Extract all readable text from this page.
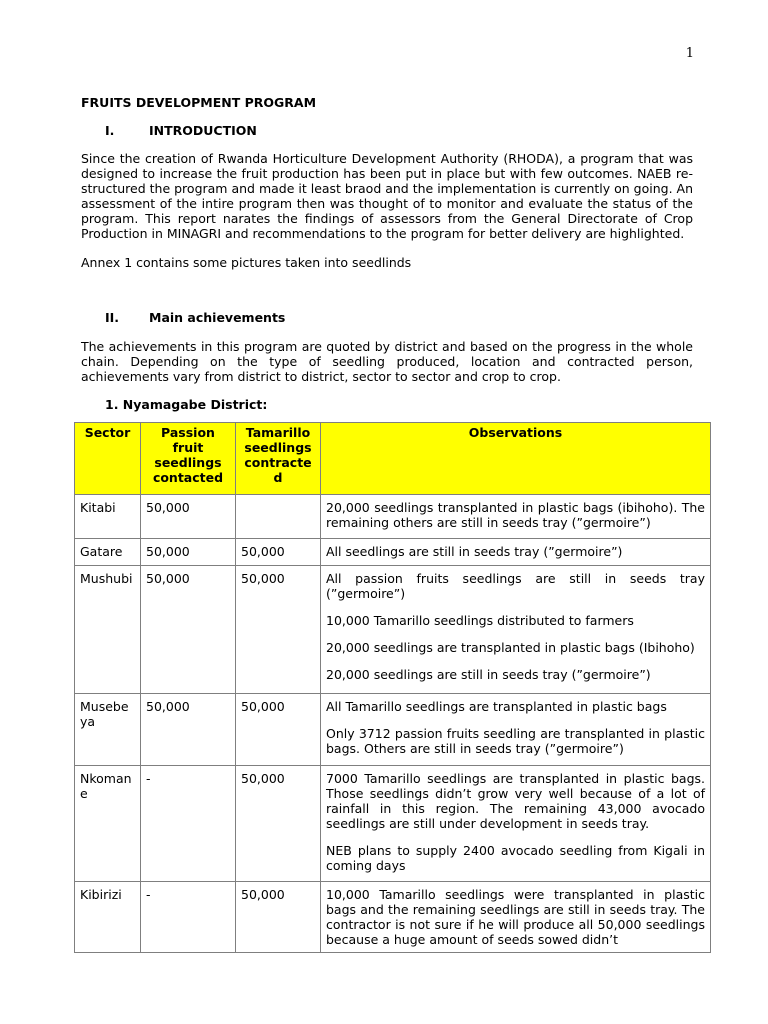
1
FRUITS DEVELOPMENT PROGRAM
I.	INTRODUCTION
Since the creation of Rwanda Horticulture Development Authority (RHODA), a program that was designed to increase the fruit production has been put in place but with few outcomes. NAEB re-structured the program and made it least braod and the implementation is currently on going. An assessment of the intire program then was thought of to monitor and evaluate the status of the program. This report narates the findings of assessors from the General Directorate of Crop Production in MINAGRI and recommendations to the program for better delivery are highlighted.
Annex 1 contains some pictures taken into seedlinds
II. Main achievements
The achievements in this program are quoted by district and based on the progress in the whole chain. Depending on the type of seedling produced, location and contracted person, achievements vary from district to district, sector to sector and crop to crop.
1. Nyamagabe District:
Sector	Passion fruit seedlings contacted	Tamarillo seedlings contracte d	Observations
Kitabi	50,000		20,000 seedlings transplanted in plastic bags (ibihoho). The remaining others are still in seeds tray (”germoire”)

Gatare	50,000	50,000	All seedlings are still in seeds tray (”germoire”)

Mushubi	50,000	50,000	All passion fruits seedlings are still in seeds tray (”germoire”)

10,000 Tamarillo seedlings distributed to farmers

20,000 seedlings are transplanted in plastic bags (Ibihoho)

20,000 seedlings are still in seeds tray (”germoire”)

Musebe ya	50,000	50,000	All Tamarillo seedlings are transplanted in plastic bags

Only 3712 passion fruits seedling are transplanted in plastic bags. Others are still in seeds tray (”germoire”)

Nkoman e	-	50,000	7000 Tamarillo seedlings are transplanted in plastic bags. Those seedlings didn’t grow very well because of a lot of rainfall in this region. The remaining 43,000 avocado seedlings are still under development in seeds tray.

NEB plans to supply 2400 avocado seedling from Kigali in coming days

Kibirizi	-	50,000	10,000 Tamarillo seedlings were transplanted in plastic bags and the remaining seedlings are still in seeds tray. The contractor is not sure if he will produce all 50,000 seedlings because a huge amount of seeds sowed didn’t
